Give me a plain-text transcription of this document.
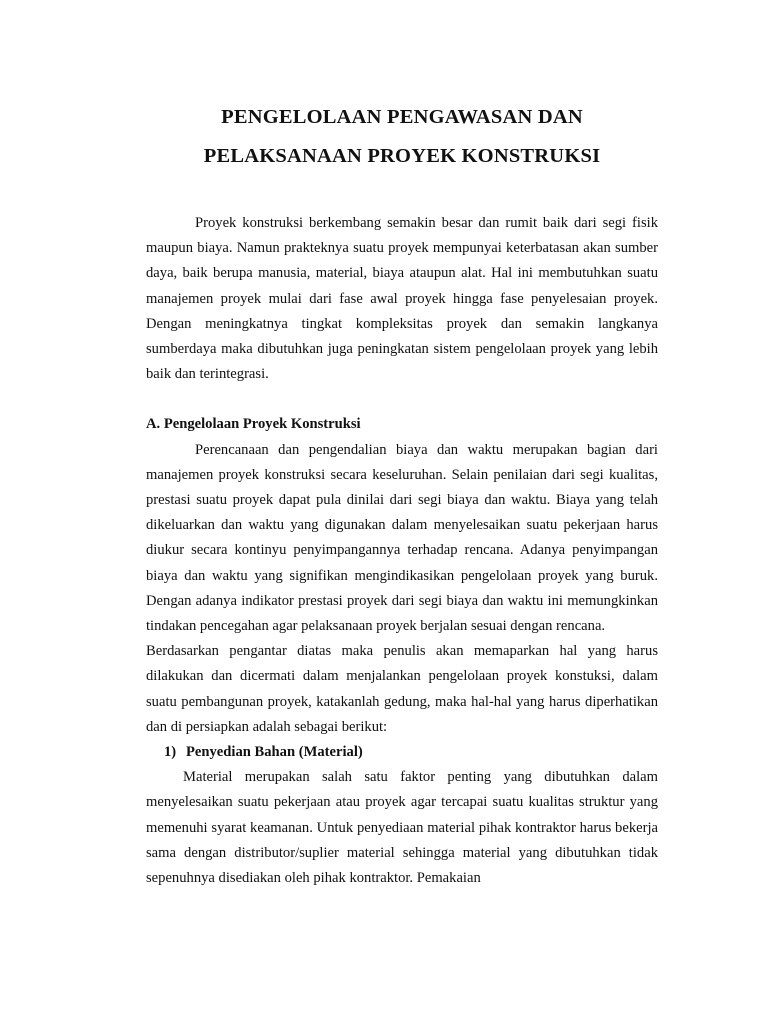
PENGELOLAAN PENGAWASAN DAN
PELAKSANAAN PROYEK KONSTRUKSI

Proyek konstruksi berkembang semakin besar dan rumit baik dari segi fisik maupun biaya. Namun prakteknya suatu proyek mempunyai keterbatasan akan sumber daya, baik berupa manusia, material, biaya ataupun alat. Hal ini membutuhkan suatu manajemen proyek mulai dari fase awal proyek hingga fase penyelesaian proyek. Dengan meningkatnya tingkat kompleksitas proyek dan semakin langkanya sumberdaya maka dibutuhkan juga peningkatan sistem pengelolaan proyek yang lebih baik dan terintegrasi.

A. Pengelolaan Proyek Konstruksi

Perencanaan dan pengendalian biaya dan waktu merupakan bagian dari manajemen proyek konstruksi secara keseluruhan. Selain penilaian dari segi kualitas, prestasi suatu proyek dapat pula dinilai dari segi biaya dan waktu. Biaya yang telah dikeluarkan dan waktu yang digunakan dalam menyelesaikan suatu pekerjaan harus diukur secara kontinyu penyimpangannya terhadap rencana. Adanya penyimpangan biaya dan waktu yang signifikan mengindikasikan pengelolaan proyek yang buruk. Dengan adanya indikator prestasi proyek dari segi biaya dan waktu ini memungkinkan tindakan pencegahan agar pelaksanaan proyek berjalan sesuai dengan rencana.

Berdasarkan pengantar diatas maka penulis akan memaparkan hal yang harus dilakukan dan dicermati dalam menjalankan pengelolaan proyek konstuksi, dalam suatu pembangunan proyek, katakanlah gedung, maka hal-hal yang harus diperhatikan dan di persiapkan adalah sebagai berikut:

1) Penyedian Bahan (Material)

Material merupakan salah satu faktor penting yang dibutuhkan dalam menyelesaikan suatu pekerjaan atau proyek agar tercapai suatu kualitas struktur yang memenuhi syarat keamanan. Untuk penyediaan material pihak kontraktor harus bekerja sama dengan distributor/suplier material sehingga material yang dibutuhkan tidak sepenuhnya disediakan oleh pihak kontraktor. Pemakaian
